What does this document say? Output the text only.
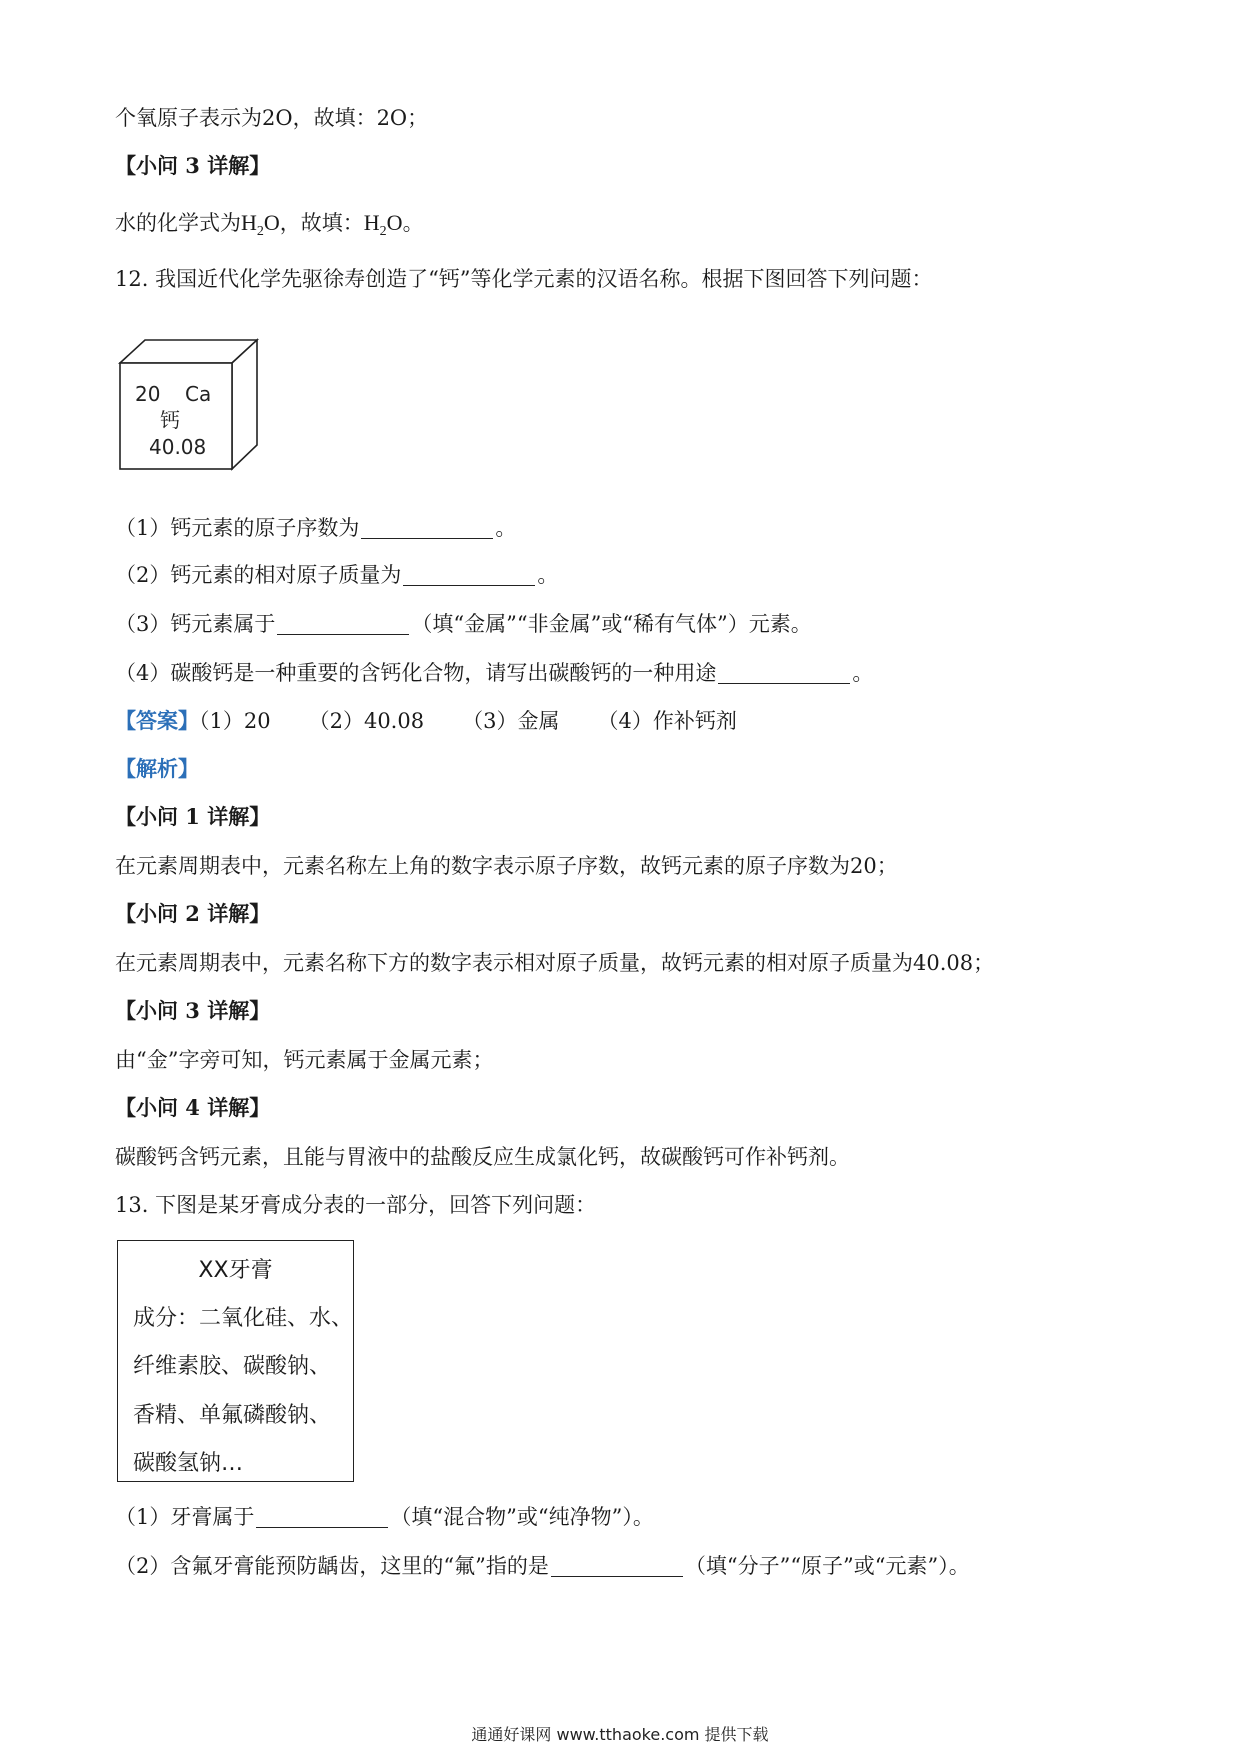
个氧原子表示为2O，故填：2O；
【小问 3 详解】
水的化学式为$H_2O$，故填：$H_2O$。
12. 我国近代化学先驱徐寿创造了“钙”等化学元素的汉语名称。根据下图回答下列问题：
20 Ca
钙
40.08
（1）钙元素的原子序数为	。
（2）钙元素的相对原子质量为	。
（3）钙元素属于	（填“金属”“非金属”或“稀有气体”）元素。
（4）碳酸钙是一种重要的含钙化合物，请写出碳酸钙的一种用途	。
【答案】（1）20 （2）40.08 （3）金属 （4）作补钙剂
【解析】
【小问 1 详解】
在元素周期表中，元素名称左上角的数字表示原子序数，故钙元素的原子序数为20；
【小问 2 详解】
在元素周期表中，元素名称下方的数字表示相对原子质量，故钙元素的相对原子质量为40.08；
【小问 3 详解】
由“金”字旁可知，钙元素属于金属元素；
【小问 4 详解】
碳酸钙含钙元素，且能与胃液中的盐酸反应生成氯化钙，故碳酸钙可作补钙剂。
13. 下图是某牙膏成分表的一部分，回答下列问题：
XX牙膏
成分：二氧化硅、水、
纤维素胶、碳酸钠、
香精、单氟磷酸钠、
碳酸氢钠…
（1）牙膏属于	（填“混合物”或“纯净物”）。
（2）含氟牙膏能预防龋齿，这里的“氟”指的是	（填“分子”“原子”或“元素”）。
通通好课网 www.tthaoke.com 提供下载
